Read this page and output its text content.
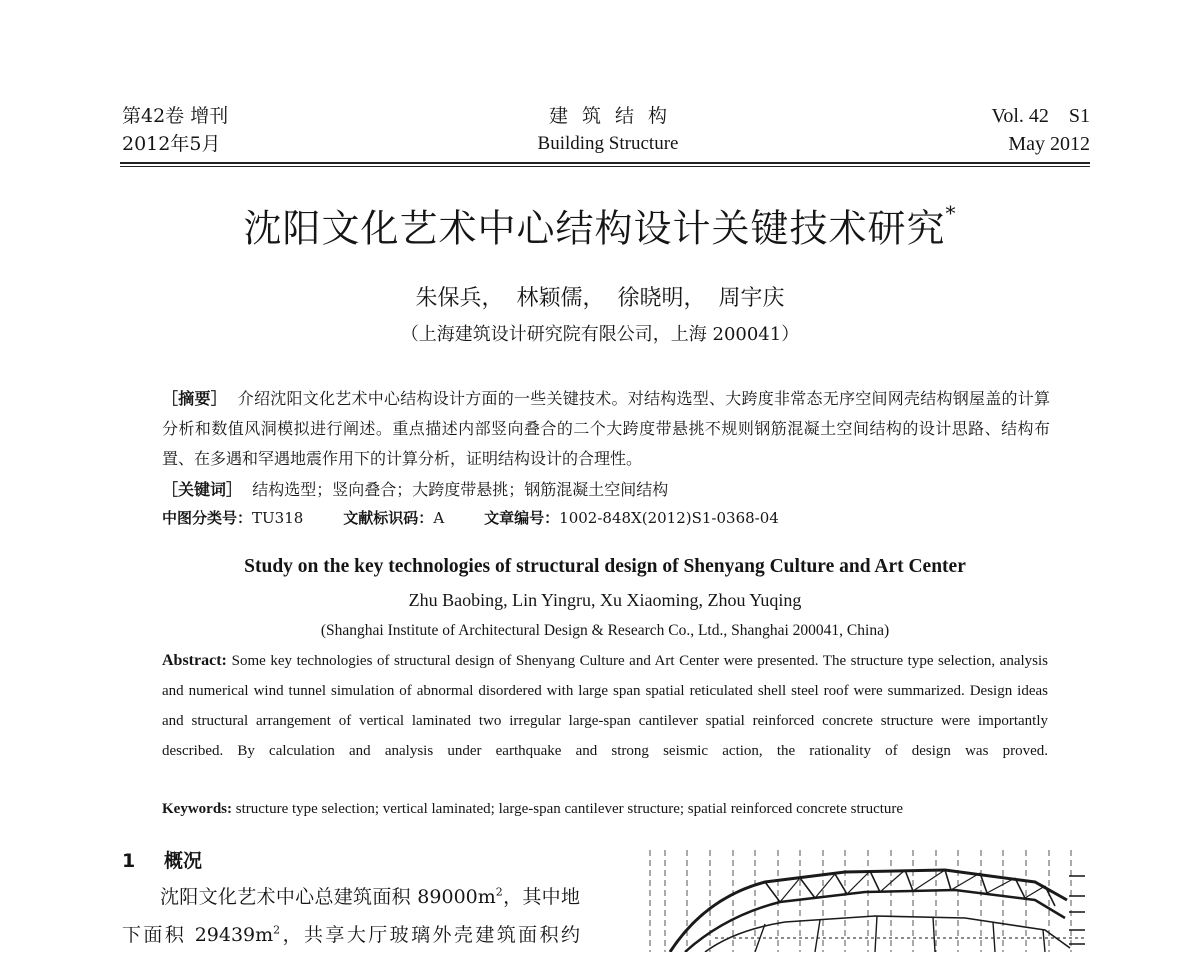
第42卷 增刊
2012年5月
建筑结构
Building Structure
Vol. 42　S1
May 2012
沈阳文化艺术中心结构设计关键技术研究*
朱保兵， 林颖儒， 徐晓明， 周宇庆
（上海建筑设计研究院有限公司，上海 200041）
［摘要］ 介绍沈阳文化艺术中心结构设计方面的一些关键技术。对结构选型、大跨度非常态无序空间网壳结构钢屋盖的计算分析和数值风洞模拟进行阐述。重点描述内部竖向叠合的二个大跨度带悬挑不规则钢筋混凝土空间结构的设计思路、结构布置、在多遇和罕遇地震作用下的计算分析，证明结构设计的合理性。
［关键词］ 结构选型；竖向叠合；大跨度带悬挑；钢筋混凝土空间结构
中图分类号：TU318	文献标识码：A	文章编号：1002-848X(2012)S1-0368-04
Study on the key technologies of structural design of Shenyang Culture and Art Center
Zhu Baobing, Lin Yingru, Xu Xiaoming, Zhou Yuqing
(Shanghai Institute of Architectural Design & Research Co., Ltd., Shanghai 200041, China)
Abstract: Some key technologies of structural design of Shenyang Culture and Art Center were presented. The structure type selection, analysis and numerical wind tunnel simulation of abnormal disordered with large span spatial reticulated shell steel roof were summarized. Design ideas and structural arrangement of vertical laminated two irregular large-span cantilever spatial reinforced concrete structure were importantly described. By calculation and analysis under earthquake and strong seismic action, the rationality of design was proved.
Keywords: structure type selection; vertical laminated; large-span cantilever structure; spatial reinforced concrete structure
1 概况

沈阳文化艺术中心总建筑面积 $89000m^2$，其中地

下面积 $29439m^2$，共享大厅玻璃外壳建筑面积约
